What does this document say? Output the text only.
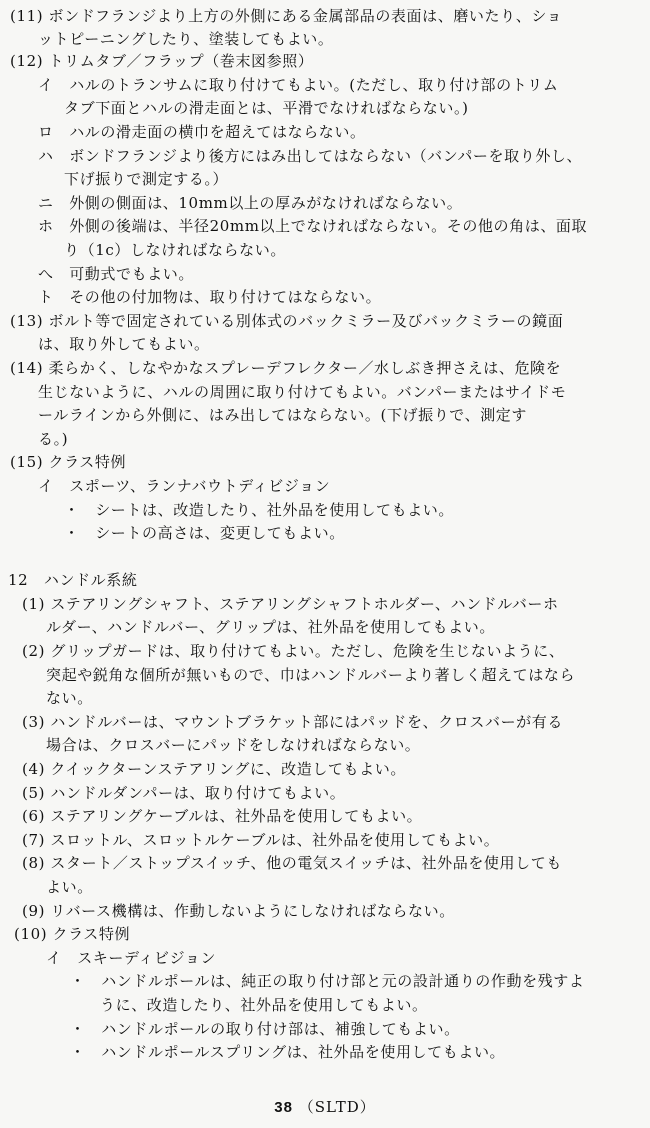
(11) ボンドフランジより上方の外側にある金属部品の表面は、磨いたり、ショ
ットピーニングしたり、塗装してもよい。
(12) トリムタブ／フラップ（巻末図参照）
イ　ハルのトランサムに取り付けてもよい。(ただし、取り付け部のトリム
タブ下面とハルの滑走面とは、平滑でなければならない。)
ロ　ハルの滑走面の横巾を超えてはならない。
ハ　ボンドフランジより後方にはみ出してはならない（バンパーを取り外し、
下げ振りで測定する。）
ニ　外側の側面は、10mm以上の厚みがなければならない。
ホ　外側の後端は、半径20mm以上でなければならない。その他の角は、面取
り（1c）しなければならない。
へ　可動式でもよい。
ト　その他の付加物は、取り付けてはならない。
(13) ボルト等で固定されている別体式のバックミラー及びバックミラーの鏡面
は、取り外してもよい。
(14) 柔らかく、しなやかなスプレーデフレクター／水しぶき押さえは、危険を
生じないように、ハルの周囲に取り付けてもよい。バンパーまたはサイドモ
ールラインから外側に、はみ出してはならない。(下げ振りで、測定す
る。)
(15) クラス特例
イ　スポーツ、ランナバウトディビジョン
・　シートは、改造したり、社外品を使用してもよい。
・　シートの高さは、変更してもよい。
12　ハンドル系統
(1) ステアリングシャフト、ステアリングシャフトホルダー、ハンドルバーホ
ルダー、ハンドルバー、グリップは、社外品を使用してもよい。
(2) グリップガードは、取り付けてもよい。ただし、危険を生じないように、
突起や鋭角な個所が無いもので、巾はハンドルバーより著しく超えてはなら
ない。
(3) ハンドルバーは、マウントブラケット部にはパッドを、クロスバーが有る
場合は、クロスバーにパッドをしなければならない。
(4) クイックターンステアリングに、改造してもよい。
(5) ハンドルダンパーは、取り付けてもよい。
(6) ステアリングケーブルは、社外品を使用してもよい。
(7) スロットル、スロットルケーブルは、社外品を使用してもよい。
(8) スタート／ストップスイッチ、他の電気スイッチは、社外品を使用しても
よい。
(9) リバース機構は、作動しないようにしなければならない。
(10) クラス特例
イ　スキーディビジョン
・　ハンドルポールは、純正の取り付け部と元の設計通りの作動を残すよ
うに、改造したり、社外品を使用してもよい。
・　ハンドルポールの取り付け部は、補強してもよい。
・　ハンドルポールスプリングは、社外品を使用してもよい。
38 （SLTD）
